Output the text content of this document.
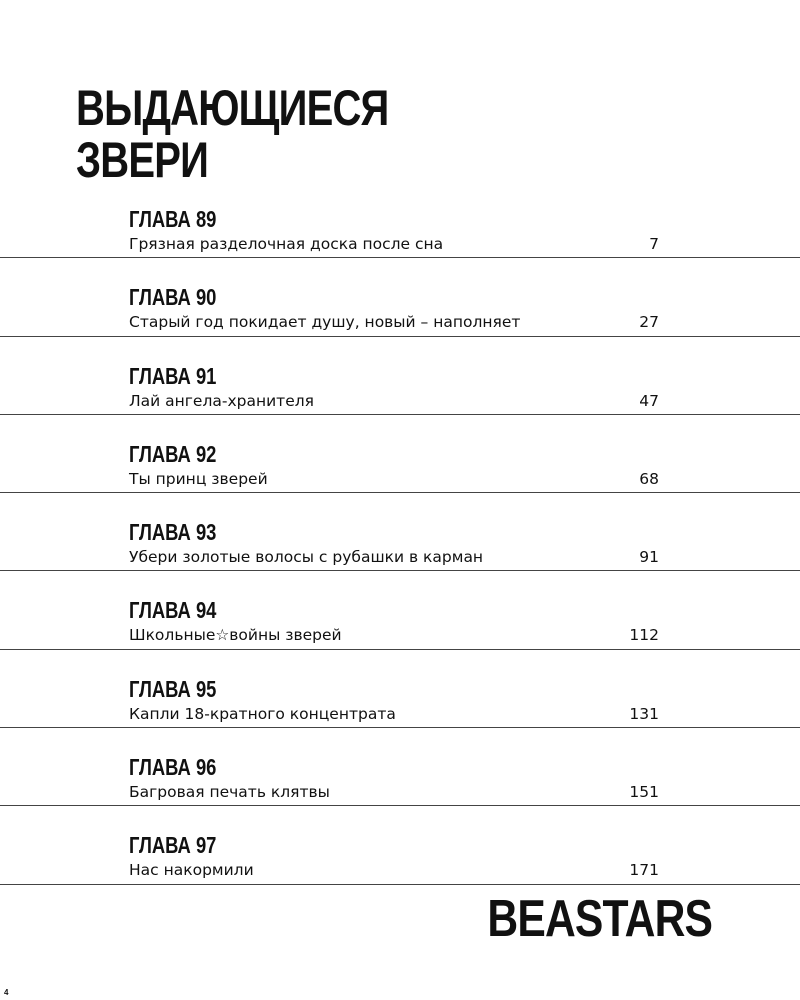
ВЫДАЮЩИЕСЯ
ЗВЕРИ
ГЛАВА 89
Грязная разделочная доска после сна	7
ГЛАВА 90
Старый год покидает душу, новый – наполняет	27
ГЛАВА 91
Лай ангела-хранителя	47
ГЛАВА 92
Ты принц зверей	68
ГЛАВА 93
Убери золотые волосы с рубашки в карман	91
ГЛАВА 94
Школьные☆войны зверей	112
ГЛАВА 95
Капли 18-кратного концентрата	131
ГЛАВА 96
Багровая печать клятвы	151
ГЛАВА 97
Нас накормили	171
BEASTARS
4
